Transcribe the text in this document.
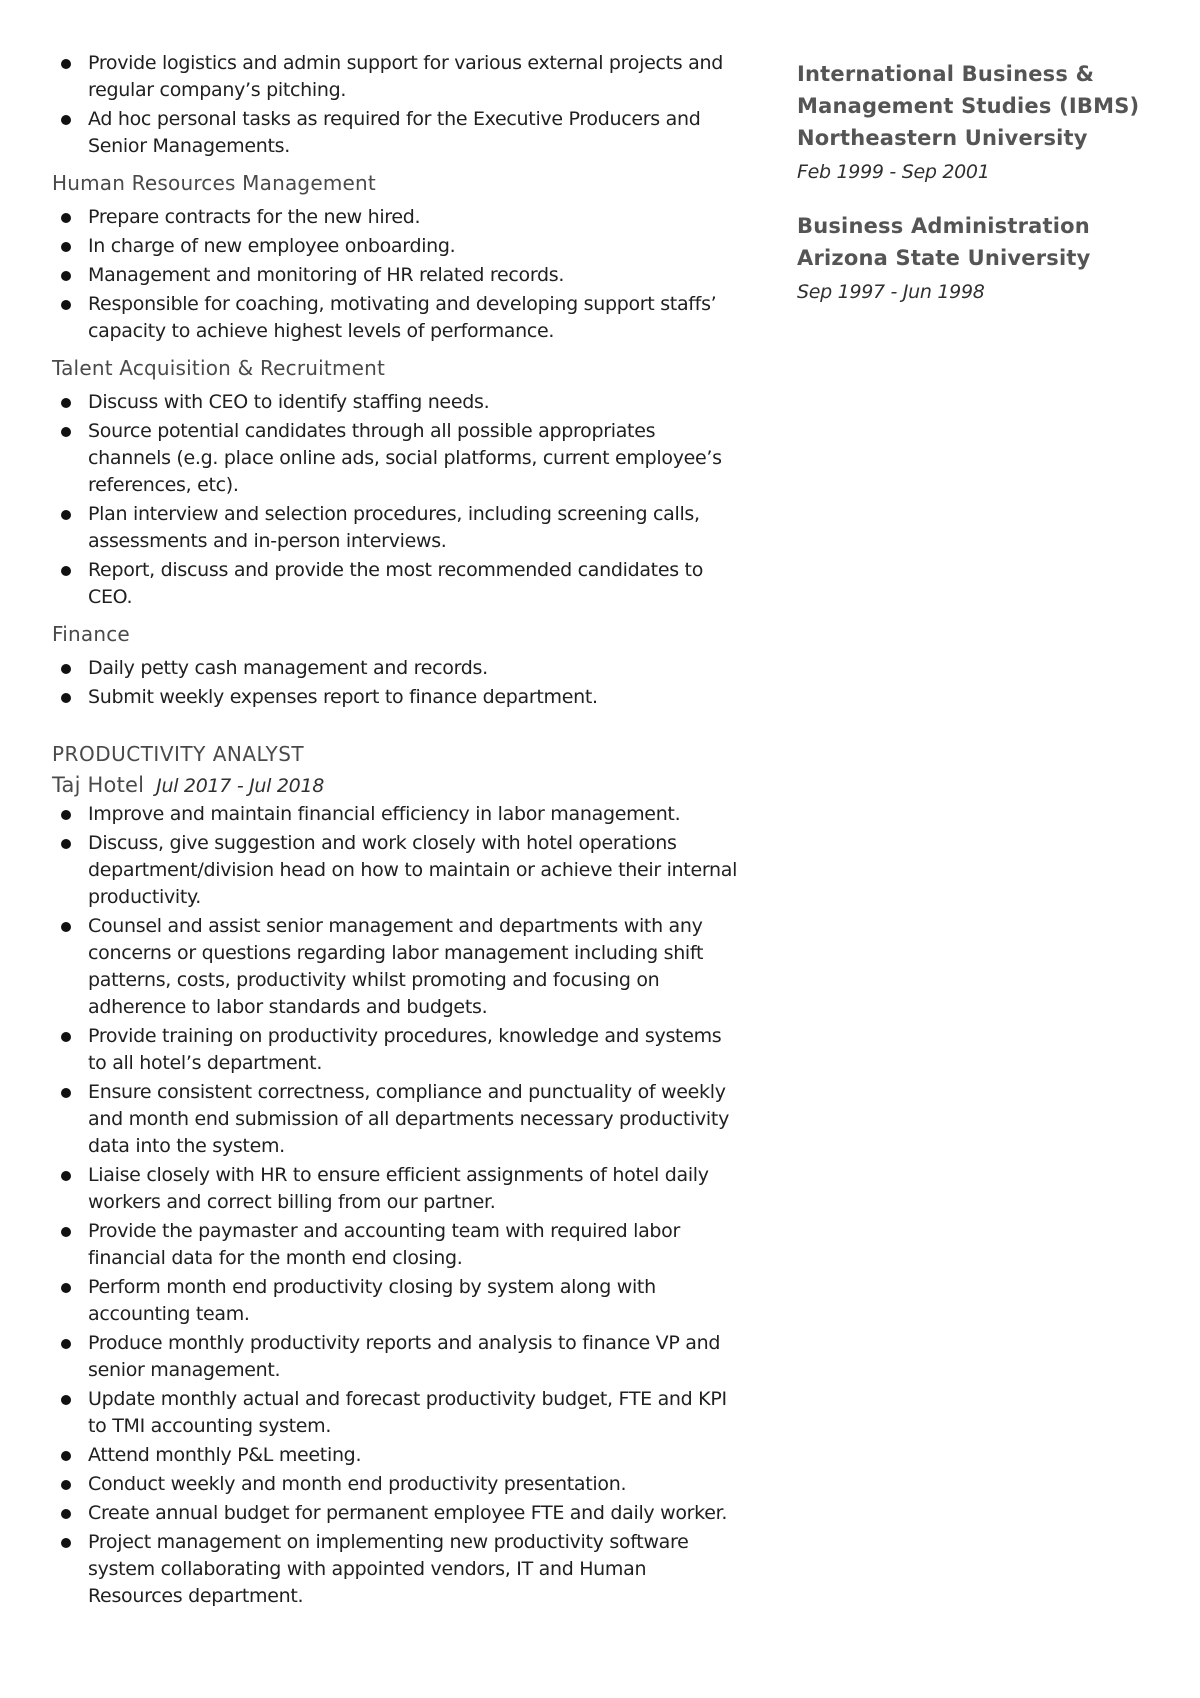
Provide logistics and admin support for various external projects and regular company’s pitching.
Ad hoc personal tasks as required for the Executive Producers and Senior Managements.
Human Resources Management
Prepare contracts for the new hired.
In charge of new employee onboarding.
Management and monitoring of HR related records.
Responsible for coaching, motivating and developing support staffs’ capacity to achieve highest levels of performance.
Talent Acquisition & Recruitment
Discuss with CEO to identify staffing needs.
Source potential candidates through all possible appropriates channels (e.g. place online ads, social platforms, current employee’s references, etc).
Plan interview and selection procedures, including screening calls, assessments and in-person interviews.
Report, discuss and provide the most recommended candidates to CEO.
Finance
Daily petty cash management and records.
Submit weekly expenses report to finance department.
PRODUCTIVITY ANALYST
Taj Hotel Jul 2017 - Jul 2018
Improve and maintain financial efficiency in labor management.
Discuss, give suggestion and work closely with hotel operations department/division head on how to maintain or achieve their internal productivity.
Counsel and assist senior management and departments with any concerns or questions regarding labor management including shift patterns, costs, productivity whilst promoting and focusing on adherence to labor standards and budgets.
Provide training on productivity procedures, knowledge and systems to all hotel’s department.
Ensure consistent correctness, compliance and punctuality of weekly and month end submission of all departments necessary productivity data into the system.
Liaise closely with HR to ensure efficient assignments of hotel daily workers and correct billing from our partner.
Provide the paymaster and accounting team with required labor financial data for the month end closing.
Perform month end productivity closing by system along with accounting team.
Produce monthly productivity reports and analysis to finance VP and senior management.
Update monthly actual and forecast productivity budget, FTE and KPI to TMI accounting system.
Attend monthly P&L meeting.
Conduct weekly and month end productivity presentation.
Create annual budget for permanent employee FTE and daily worker.
Project management on implementing new productivity software system collaborating with appointed vendors, IT and Human Resources department.
International Business & Management Studies (IBMS)
Northeastern University
Feb 1999 - Sep 2001
Business Administration
Arizona State University
Sep 1997 - Jun 1998
